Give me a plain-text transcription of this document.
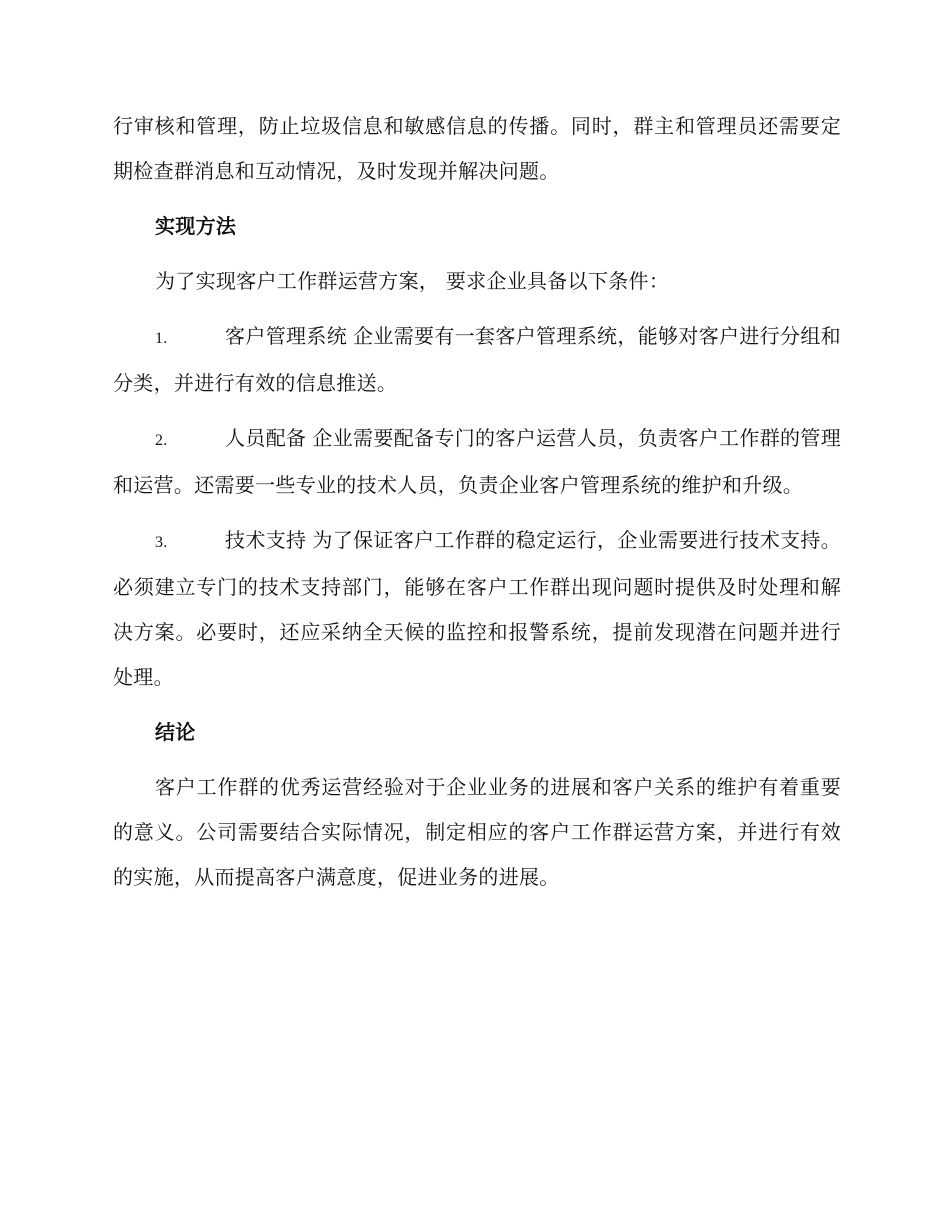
行审核和管理，防止垃圾信息和敏感信息的传播。同时，群主和管理员还需要定期检查群消息和互动情况，及时发现并解决问题。

实现方法

为了实现客户工作群运营方案， 要求企业具备以下条件：

1.	客户管理系统 企业需要有一套客户管理系统，能够对客户进行分组和分类，并进行有效的信息推送。

2.	人员配备 企业需要配备专门的客户运营人员，负责客户工作群的管理和运营。还需要一些专业的技术人员，负责企业客户管理系统的维护和升级。

3.	技术支持 为了保证客户工作群的稳定运行，企业需要进行技术支持。必须建立专门的技术支持部门，能够在客户工作群出现问题时提供及时处理和解决方案。必要时，还应采纳全天候的监控和报警系统，提前发现潜在问题并进行处理。

结论

客户工作群的优秀运营经验对于企业业务的进展和客户关系的维护有着重要的意义。公司需要结合实际情况，制定相应的客户工作群运营方案，并进行有效的实施，从而提高客户满意度，促进业务的进展。
